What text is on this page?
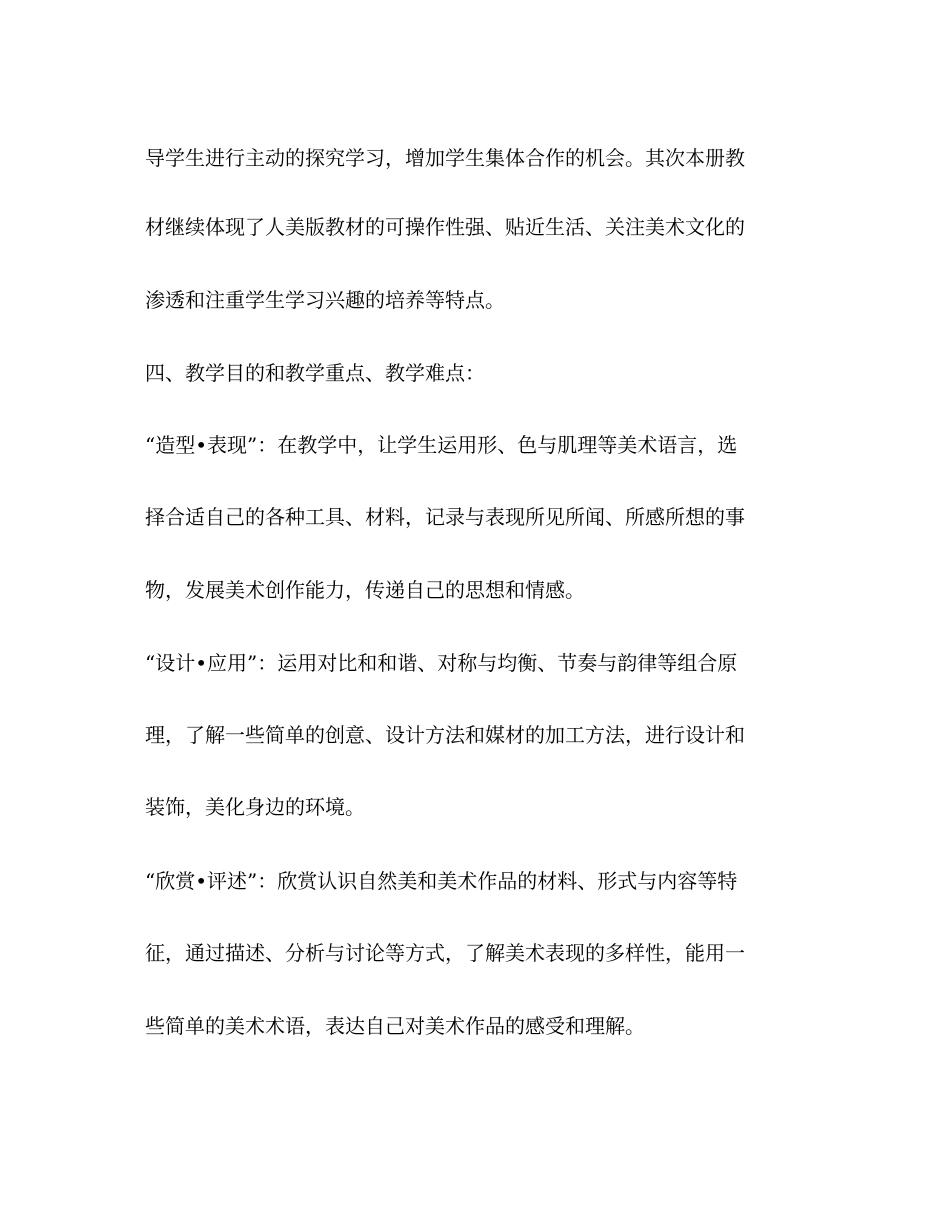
导学生进行主动的探究学习，增加学生集体合作的机会。其次本册教

材继续体现了人美版教材的可操作性强、贴近生活、关注美术文化的

渗透和注重学生学习兴趣的培养等特点。

四、教学目的和教学重点、教学难点：

“造型•表现”：在教学中，让学生运用形、色与肌理等美术语言，选

择合适自己的各种工具、材料，记录与表现所见所闻、所感所想的事

物，发展美术创作能力，传递自己的思想和情感。

“设计•应用”：运用对比和和谐、对称与均衡、节奏与韵律等组合原

理，了解一些简单的创意、设计方法和媒材的加工方法，进行设计和

装饰，美化身边的环境。

“欣赏•评述”：欣赏认识自然美和美术作品的材料、形式与内容等特

征，通过描述、分析与讨论等方式，了解美术表现的多样性，能用一

些简单的美术术语，表达自己对美术作品的感受和理解。
